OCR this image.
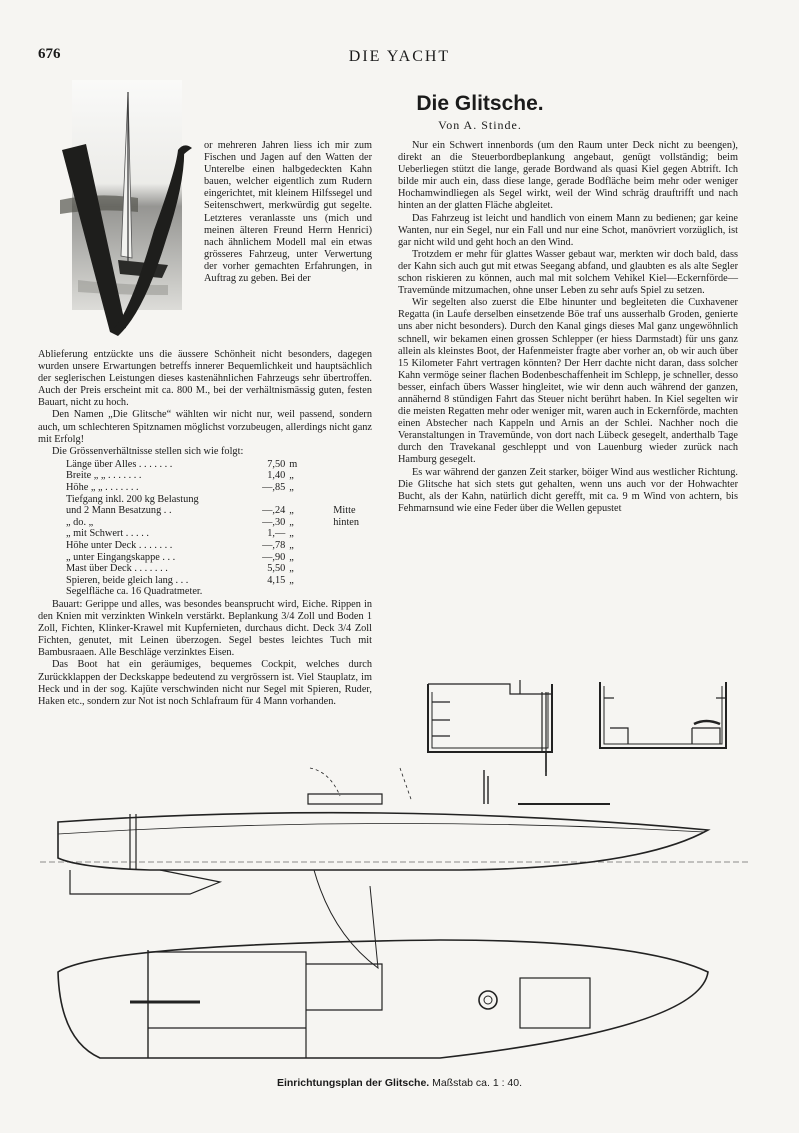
676	DIE YACHT
Die Glitsche.
Von A. Stinde.

or mehreren Jahren liess ich mir zum Fischen und Jagen auf den Watten der Unterelbe einen halbgedeckten Kahn bauen, welcher eigentlich zum Rudern eingerichtet, mit kleinem Hilfssegel und Seitenschwert, merkwürdig gut segelte. Letzteres veranlasste uns (mich und meinen älteren Freund Herrn Henrici) nach ähnlichem Modell mal ein etwas grösseres Fahrzeug, unter Verwertung der vorher gemachten Erfahrungen, in Auftrag zu geben. Bei der

Ablieferung entzückte uns die äussere Schönheit nicht besonders, dagegen wurden unsere Erwartungen betreffs innerer Bequemlichkeit und hauptsächlich der seglerischen Leistungen dieses kastenähnlichen Fahrzeugs sehr übertroffen. Auch der Preis erscheint mit ca. 800 M., bei der verhältnismässig guten, festen Bauart, nicht zu hoch.

Den Namen „Die Glitsche“ wählten wir nicht nur, weil passend, sondern auch, um schlechteren Spitznamen möglichst vorzubeugen, allerdings nicht ganz mit Erfolg!

Die Grössenverhältnisse stellen sich wie folgt:

Länge über Alles . . . . . . .	7,50	m	
Breite „ „ . . . . . . .	1,40	„	
Höhe „ „ . . . . . . .	—,85	„	
Tiefgang inkl. 200 kg Belastung			
und 2 Mann Besatzung . .	—,24	„	Mitte
„ do. „	—,30	„	hinten
„ mit Schwert . . . . .	1,—	„	
Höhe unter Deck . . . . . . .	—,78	„	
„ unter Eingangskappe . . .	—,90	„	
Mast über Deck . . . . . . .	5,50	„	
Spieren, beide gleich lang . . .	4,15	„	
Segelfläche ca. 16 Quadratmeter.			

Bauart: Gerippe und alles, was besondes beansprucht wird, Eiche. Rippen in den Knien mit verzinkten Winkeln verstärkt. Beplankung 3/4 Zoll und Boden 1 Zoll, Fichten, Klinker-Krawel mit Kupfernieten, durchaus dicht. Deck 3/4 Zoll Fichten, genutet, mit Leinen überzogen. Segel bestes leichtes Tuch mit Bambusraaen. Alle Beschläge verzinktes Eisen.

Das Boot hat ein geräumiges, bequemes Cockpit, welches durch Zurückklappen der Deckskappe bedeutend zu vergrössern ist. Viel Stauplatz, im Heck und in der sog. Kajüte verschwinden nicht nur Segel mit Spieren, Ruder, Haken etc., sondern zur Not ist noch Schlafraum für 4 Mann vorhanden.

Nur ein Schwert innenbords (um den Raum unter Deck nicht zu beengen), direkt an die Steuerbordbeplankung angebaut, genügt vollständig; beim Ueberliegen stützt die lange, gerade Bordwand als quasi Kiel gegen Abtrift. Ich bilde mir auch ein, dass diese lange, gerade Bodfläche beim mehr oder weniger Hochamwindliegen als Segel wirkt, weil der Wind schräg drauftrifft und nach hinten an der glatten Fläche abgleitet.

Das Fahrzeug ist leicht und handlich von einem Mann zu bedienen; gar keine Wanten, nur ein Segel, nur ein Fall und nur eine Schot, manövriert vorzüglich, ist gar nicht wild und geht hoch an den Wind.

Trotzdem er mehr für glattes Wasser gebaut war, merkten wir doch bald, dass der Kahn sich auch gut mit etwas Seegang abfand, und glaubten es als alte Segler schon riskieren zu können, auch mal mit solchem Vehikel Kiel—Eckernförde—Travemünde mitzumachen, ohne unser Leben zu sehr aufs Spiel zu setzen.

Wir segelten also zuerst die Elbe hinunter und begleiteten die Cuxhavener Regatta (in Laufe derselben einsetzende Böe traf uns ausserhalb Groden, genierte uns aber nicht besonders). Durch den Kanal gings dieses Mal ganz ungewöhnlich schnell, wir bekamen einen grossen Schlepper (er hiess Darmstadt) für uns ganz allein als kleinstes Boot, der Hafenmeister fragte aber vorher an, ob wir auch über 15 Kilometer Fahrt vertragen könnten? Der Herr dachte nicht daran, dass solcher Kahn vermöge seiner flachen Bodenbeschaffenheit im Schlepp, je schneller, desso besser, einfach übers Wasser hingleitet, wie wir denn auch während der ganzen, annähernd 8 stündigen Fahrt das Steuer nicht berührt haben. In Kiel segelten wir die meisten Regatten mehr oder weniger mit, waren auch in Eckernförde, machten einen Abstecher nach Kappeln und Arnis an der Schlei. Nachher noch die Veranstaltungen in Travemünde, von dort nach Lübeck gesegelt, anderthalb Tage durch den Travekanal geschleppt und von Lauenburg wieder zurück nach Hamburg gesegelt.

Es war während der ganzen Zeit starker, böiger Wind aus westlicher Richtung. Die Glitsche hat sich stets gut gehalten, wenn uns auch vor der Hohwachter Bucht, als der Kahn, natürlich dicht gerefft, mit ca. 9 m Wind von achtern, bis Fehmarnsund wie eine Feder über die Wellen gepustet

Einrichtungsplan der Glitsche. Maßstab ca. 1 : 40.
